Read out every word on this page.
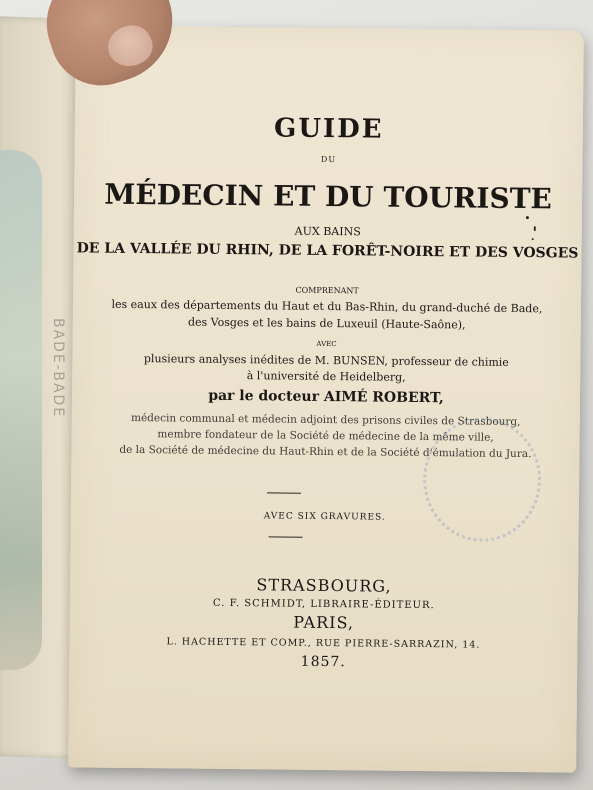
BADE-BADE
GUIDE
DU
MÉDECIN ET DU TOURISTE
AUX BAINS
DE LA VALLÉE DU RHIN, DE LA FORÊT-NOIRE ET DES VOSGES
COMPRENANT
les eaux des départements du Haut et du Bas-Rhin, du grand-duché de Bade,
des Vosges et les bains de Luxeuil (Haute-Saône),
AVEC
plusieurs analyses inédites de M. BUNSEN, professeur de chimie
à l'université de Heidelberg,
par le docteur AIMÉ ROBERT,
médecin communal et médecin adjoint des prisons civiles de Strasbourg,
membre fondateur de la Société de médecine de la même ville,
de la Société de médecine du Haut-Rhin et de la Société d'émulation du Jura.
AVEC SIX GRAVURES.
STRASBOURG,
C. F. SCHMIDT, LIBRAIRE-ÉDITEUR.
PARIS,
L. HACHETTE ET COMP., RUE PIERRE-SARRAZIN, 14.
1857.
